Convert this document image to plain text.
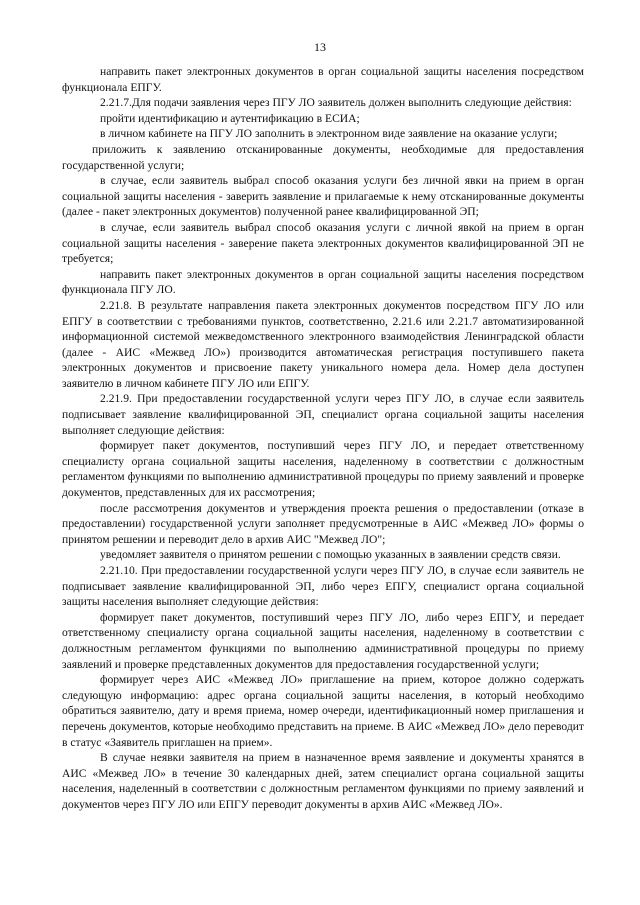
13

направить пакет электронных документов в орган социальной защиты населения посредством функционала ЕПГУ.

2.21.7.Для подачи заявления через ПГУ ЛО заявитель должен выполнить следующие действия:

пройти идентификацию и аутентификацию в ЕСИА;

в личном кабинете на ПГУ ЛО заполнить в электронном виде заявление на оказание услуги;

приложить к заявлению отсканированные документы, необходимые для предоставления государственной услуги;

в случае, если заявитель выбрал способ оказания услуги без личной явки на прием в орган социальной защиты населения - заверить заявление и прилагаемые к нему отсканированные документы (далее - пакет электронных документов) полученной ранее квалифицированной ЭП;

в случае, если заявитель выбрал способ оказания услуги с личной явкой на прием в орган социальной защиты населения - заверение пакета электронных документов квалифицированной ЭП не требуется;

направить пакет электронных документов в орган социальной защиты населения посредством функционала ПГУ ЛО.

2.21.8. В результате направления пакета электронных документов посредством ПГУ ЛО или ЕПГУ в соответствии с требованиями пунктов, соответственно, 2.21.6 или 2.21.7 автоматизированной информационной системой межведомственного электронного взаимодействия Ленинградской области (далее - АИС «Межвед ЛО») производится автоматическая регистрация поступившего пакета электронных документов и присвоение пакету уникального номера дела. Номер дела доступен заявителю в личном кабинете ПГУ ЛО или ЕПГУ.

2.21.9. При предоставлении государственной услуги через ПГУ ЛО, в случае если заявитель подписывает заявление квалифицированной ЭП, специалист органа социальной защиты населения выполняет следующие действия:

формирует пакет документов, поступивший через ПГУ ЛО, и передает ответственному специалисту органа социальной защиты населения, наделенному в соответствии с должностным регламентом функциями по выполнению административной процедуры по приему заявлений и проверке документов, представленных для их рассмотрения;

после рассмотрения документов и утверждения проекта решения о предоставлении (отказе в предоставлении) государственной услуги заполняет предусмотренные в АИС «Межвед ЛО» формы о принятом решении и переводит дело в архив АИС "Межвед ЛО";

уведомляет заявителя о принятом решении с помощью указанных в заявлении средств связи.

2.21.10. При предоставлении государственной услуги через ПГУ ЛО, в случае если заявитель не подписывает заявление квалифицированной ЭП, либо через ЕПГУ, специалист органа социальной защиты населения выполняет следующие действия:

формирует пакет документов, поступивший через ПГУ ЛО, либо через ЕПГУ, и передает ответственному специалисту органа социальной защиты населения, наделенному в соответствии с должностным регламентом функциями по выполнению административной процедуры по приему заявлений и проверке представленных документов для предоставления государственной услуги;

формирует через АИС «Межвед ЛО» приглашение на прием, которое должно содержать следующую информацию: адрес органа социальной защиты населения, в который необходимо обратиться заявителю, дату и время приема, номер очереди, идентификационный номер приглашения и перечень документов, которые необходимо представить на приеме. В АИС «Межвед ЛО» дело переводит в статус «Заявитель приглашен на прием».

В случае неявки заявителя на прием в назначенное время заявление и документы хранятся в АИС «Межвед ЛО» в течение 30 календарных дней, затем специалист органа социальной защиты населения, наделенный в соответствии с должностным регламентом функциями по приему заявлений и документов через ПГУ ЛО или ЕПГУ переводит документы в архив АИС «Межвед ЛО».
